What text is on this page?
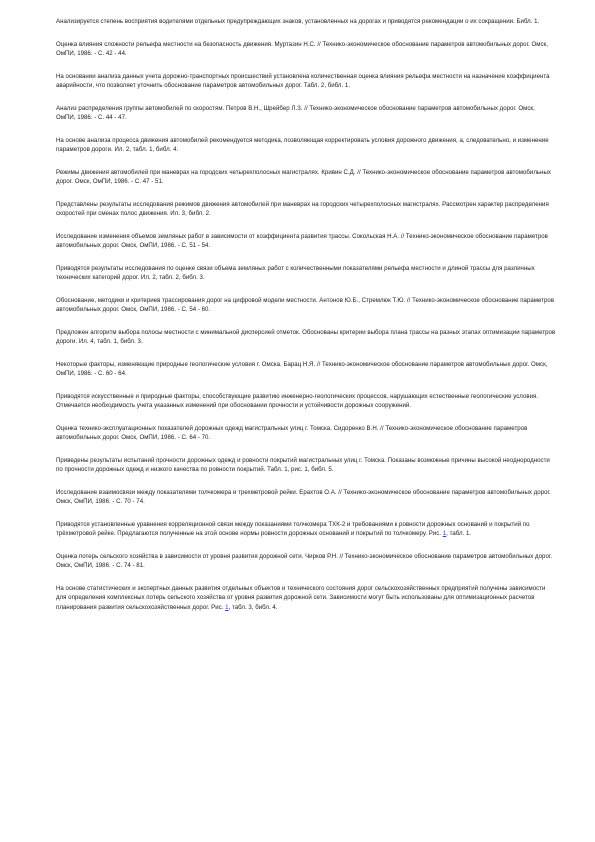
Анализируется степень восприятия водителями отдельных предупреждающих знаков, установленных на дорогах и приводятся рекомендации о их сокращении. Библ. 1.

Оценка влияния сложности рельефа местности на безопасность движения. Муртазин Н.С. // Технико-экономическое обоснование параметров автомобильных дорог. Омск, ОмПИ, 1986. - С. 42 - 44.

На основании анализа данных учета дорожно-транспортных происшествий установлена количественная оценка влияния рельефа местности на назначение коэффициента аварийности, что позволяет уточнить обоснование параметров автомобильных дорог. Табл. 2, библ. 1.

Анализ распределения группы автомобилей по скоростям. Петров В.Н., Шрейбер Л.З. // Технико-экономическое обоснование параметров автомобильных дорог. Омск, ОмПИ, 1986. - С. 44 - 47.

На основе анализа процесса движения автомобилей рекомендуется методика, позволяющая корректировать условия дорожного движения, а, следовательно, и изменение параметров дороги. Ил. 2, табл. 1, библ. 4.

Режимы движения автомобилей при маневрах на городских четырехполосных магистралях. Кривин С.Д. // Технико-экономическое обоснование параметров автомобильных дорог. Омск, ОмПИ, 1986. - С. 47 - 51.

Представлены результаты исследования режимов движения автомобилей при маневрах на городских четырехполосных магистралях. Рассмотрен характер распределения скоростей при сменах полос движения. Ил. 3, библ. 2.

Исследование изменения объемов земляных работ в зависимости от коэффициента развития трассы. Сокольская Н.А. // Технико-экономическое обоснование параметров автомобильных дорог. Омск, ОмПИ, 1986. - С. 51 - 54.

Приводятся результаты исследования по оценке связи объема земляных работ с количественными показателями рельефа местности и длиной трассы для различных технических категорий дорог. Ил. 2, табл. 2, библ. 3.

Обоснование, методики и критериев трассирования дорог на цифровой модели местности. Антонов Ю.Б., Стремлюк Т.Ю. // Технико-экономическое обоснование параметров автомобильных дорог. Омск, ОмПИ, 1986. - С. 54 - 60.

Предложен алгоритм выбора полосы местности с минимальной дисперсией отметок. Обоснованы критерии выбора плана трассы на разных этапах оптимизации параметров дороги. Ил. 4, табл. 1, библ. 3.

Некоторые факторы, изменяющие природные геологические условия г. Омска. Барац Н.Я. // Технико-экономическое обоснование параметров автомобильных дорог. Омск, ОмПИ, 1986. - С. 60 - 64.

Приводятся искусственные и природные факторы, способствующие развитию инженерно-геологических процессов, нарушающих естественные геологические условия. Отмечается необходимость учета указанных изменений при обосновании прочности и устойчивости дорожных сооружений.

Оценка технико-эксплуатационных показателей дорожных одежд магистральных улиц г. Томска. Сидоренко В.Н. // Технико-экономическое обоснование параметров автомобильных дорог. Омск, ОмПИ, 1986. - С. 64 - 70.

Приведены результаты испытаний прочности дорожных одежд и ровности покрытий магистральных улиц г. Томска. Показаны возможные причины высокой неоднородности по прочности дорожных одежд и низкого качества по ровности покрытий. Табл. 1, рис. 1, библ. 5.

Исследование взаимосвязи между показателями толчкомера и трехметровой рейки. Ерахтов О.А. // Технико-экономическое обоснование параметров автомобильных дорог. Омск, ОмПИ, 1986. - С. 70 - 74.

Приводятся установленные уравнения корреляционной связи между показаниями толчкомера ТХК-2 и требованиями к ровности дорожных оснований и покрытий по трёхметровой рейке. Предлагаются полученные на этой основе нормы ровности дорожных оснований и покрытий по толчкомеру. Рис. 1, табл. 1.

Оценка потерь сельского хозяйства в зависимости от уровня развития дорожной сети. Чирков Р.Н. // Технико-экономическое обоснование параметров автомобильных дорог. Омск, ОмПИ, 1986. - С. 74 - 81.

На основе статистических и экспертных данных развития отдельных объектов и технического состояния дорог сельскохозяйственных предприятий получены зависимости для определения комплексных потерь сельского хозяйства от уровня развития дорожной сети. Зависимости могут быть использованы для оптимизационных расчетов планирования развития сельскохозяйственных дорог. Рис. 1, табл. 3, библ. 4.
